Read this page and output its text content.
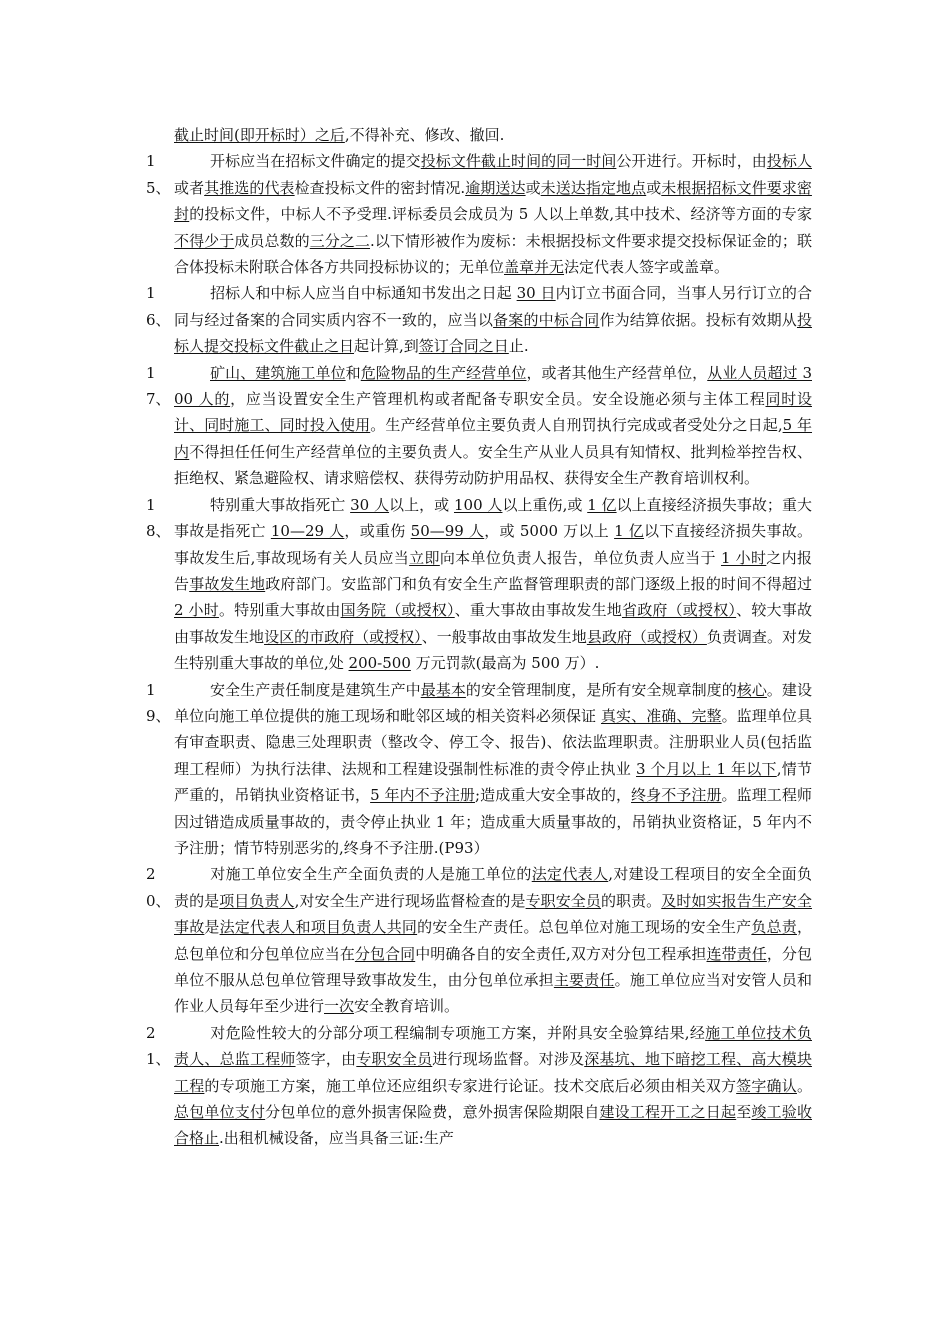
截止时间(即开标时）之后,不得补充、修改、撤回.
15、
开标应当在招标文件确定的提交投标文件截止时间的同一时间公开进行。开标时，由投标人或者其推选的代表检查投标文件的密封情况.逾期送达或未送达指定地点或未根据招标文件要求密封的投标文件，中标人不予受理.评标委员会成员为 5 人以上单数,其中技术、经济等方面的专家不得少于成员总数的三分之二.以下情形被作为废标：未根据投标文件要求提交投标保证金的；联合体投标未附联合体各方共同投标协议的；无单位盖章并无法定代表人签字或盖章。
16、
招标人和中标人应当自中标通知书发出之日起 30 日内订立书面合同，当事人另行订立的合同与经过备案的合同实质内容不一致的，应当以备案的中标合同作为结算依据。投标有效期从投标人提交投标文件截止之日起计算,到签订合同之日止.
17、
矿山、建筑施工单位和危险物品的生产经营单位，或者其他生产经营单位，从业人员超过 300 人的，应当设置安全生产管理机构或者配备专职安全员。安全设施必须与主体工程同时设计、同时施工、同时投入使用。生产经营单位主要负责人自刑罚执行完成或者受处分之日起,5 年内不得担任任何生产经营单位的主要负责人。安全生产从业人员具有知情权、批判检举控告权、拒绝权、紧急避险权、请求赔偿权、获得劳动防护用品权、获得安全生产教育培训权利。
18、
特别重大事故指死亡 30 人以上，或 100 人以上重伤,或 1 亿以上直接经济损失事故；重大事故是指死亡 10—29 人，或重伤 50—99 人，或 5000 万以上 1 亿以下直接经济损失事故。事故发生后,事故现场有关人员应当立即向本单位负责人报告，单位负责人应当于 1 小时之内报告事故发生地政府部门。安监部门和负有安全生产监督管理职责的部门逐级上报的时间不得超过 2 小时。特别重大事故由国务院（或授权）、重大事故由事故发生地省政府（或授权）、较大事故由事故发生地设区的市政府（或授权）、一般事故由事故发生地县政府（或授权）负责调查。对发生特别重大事故的单位,处 200-500 万元罚款(最高为 500 万）.
19、
安全生产责任制度是建筑生产中最基本的安全管理制度，是所有安全规章制度的核心。建设单位向施工单位提供的施工现场和毗邻区域的相关资料必须保证 真实、准确、完整。监理单位具有审查职责、隐患三处理职责（整改令、停工令、报告)、依法监理职责。注册职业人员(包括监理工程师）为执行法律、法规和工程建设强制性标准的责令停止执业 3 个月以上 1 年以下,情节严重的，吊销执业资格证书，5 年内不予注册;造成重大安全事故的，终身不予注册。监理工程师因过错造成质量事故的，责令停止执业 1 年；造成重大质量事故的，吊销执业资格证，5 年内不予注册；情节特别恶劣的,终身不予注册.(P93）
20、
对施工单位安全生产全面负责的人是施工单位的法定代表人,对建设工程项目的安全全面负责的是项目负责人,对安全生产进行现场监督检查的是专职安全员的职责。及时如实报告生产安全事故是法定代表人和项目负责人共同的安全生产责任。总包单位对施工现场的安全生产负总责，总包单位和分包单位应当在分包合同中明确各自的安全责任,双方对分包工程承担连带责任，分包单位不服从总包单位管理导致事故发生，由分包单位承担主要责任。施工单位应当对安管人员和作业人员每年至少进行一次安全教育培训。
21、
对危险性较大的分部分项工程编制专项施工方案，并附具安全验算结果,经施工单位技术负责人、总监工程师签字，由专职安全员进行现场监督。对涉及深基坑、地下暗挖工程、高大模块工程的专项施工方案，施工单位还应组织专家进行论证。技术交底后必须由相关双方签字确认。 总包单位支付分包单位的意外损害保险费，意外损害保险期限自建设工程开工之日起至竣工验收合格止.出租机械设备，应当具备三证:生产
